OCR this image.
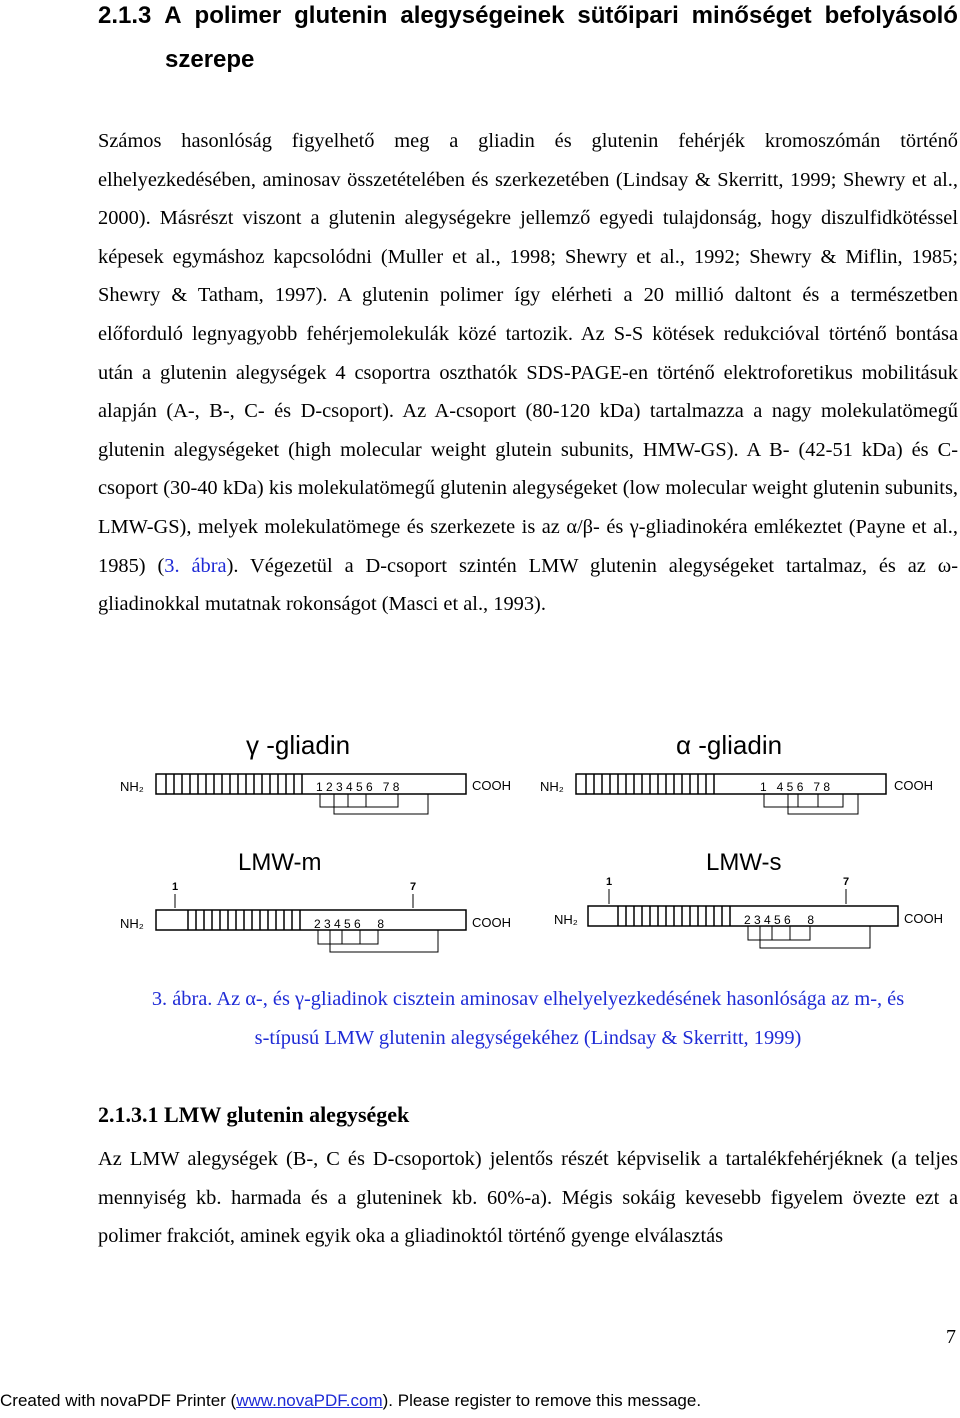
2.1.3 A polimer glutenin alegységeinek sütőipari minőséget befolyásoló
szerepe

Számos hasonlóság figyelhető meg a gliadin és glutenin fehérjék kromoszómán történő elhelyezkedésében, aminosav összetételében és szerkezetében (Lindsay & Skerritt, 1999; Shewry et al., 2000). Másrészt viszont a glutenin alegységekre jellemző egyedi tulajdonság, hogy diszulfidkötéssel képesek egymáshoz kapcsolódni (Muller et al., 1998; Shewry et al., 1992; Shewry & Miflin, 1985; Shewry & Tatham, 1997). A glutenin polimer így elérheti a 20 millió daltont és a természetben előforduló legnyagyobb fehérjemolekulák közé tartozik. Az S-S kötések redukcióval történő bontása után a glutenin alegységek 4 csoportra oszthatók SDS-PAGE-en történő elektroforetikus mobilitásuk alapján (A-, B-, C- és D-csoport). Az A-csoport (80-120 kDa) tartalmazza a nagy molekulatömegű glutenin alegységeket (high molecular weight glutein subunits, HMW-GS). A B- (42-51 kDa) és C-csoport (30-40 kDa) kis molekulatömegű glutenin alegységeket (low molecular weight glutenin subunits, LMW-GS), melyek molekulatömege és szerkezete is az α/β- és γ-gliadinokéra emlékeztet (Payne et al., 1985) (3. ábra). Végezetül a D-csoport szintén LMW glutenin alegységeket tartalmaz, és az ω-gliadinokkal mutatnak rokonságot (Masci et al., 1993).

γ -gliadin
NH₂	COOH
1 2 3 4 5 6   7 8
α -gliadin
NH₂	COOH
1   4 5 6   7 8
LMW-m
1	7
NH₂	COOH
2 3 4 5 6     8
LMW-s
1	7
NH₂	COOH
2 3 4 5 6     8

3. ábra. Az α-, és γ-gliadinok cisztein aminosav elhelyelyezkedésének hasonlósága az m-, és
s-típusú LMW glutenin alegységekéhez (Lindsay & Skerritt, 1999)

2.1.3.1 LMW glutenin alegységek

Az LMW alegységek (B-, C és D-csoportok) jelentős részét képviselik a tartalékfehérjéknek (a teljes mennyiség kb. harmada és a gluteninek kb. 60%-a). Mégis sokáig kevesebb figyelem övezte ezt a polimer frakciót, aminek egyik oka a gliadinoktól történő gyenge elválasztás

7
Created with novaPDF Printer (www.novaPDF.com). Please register to remove this message.
